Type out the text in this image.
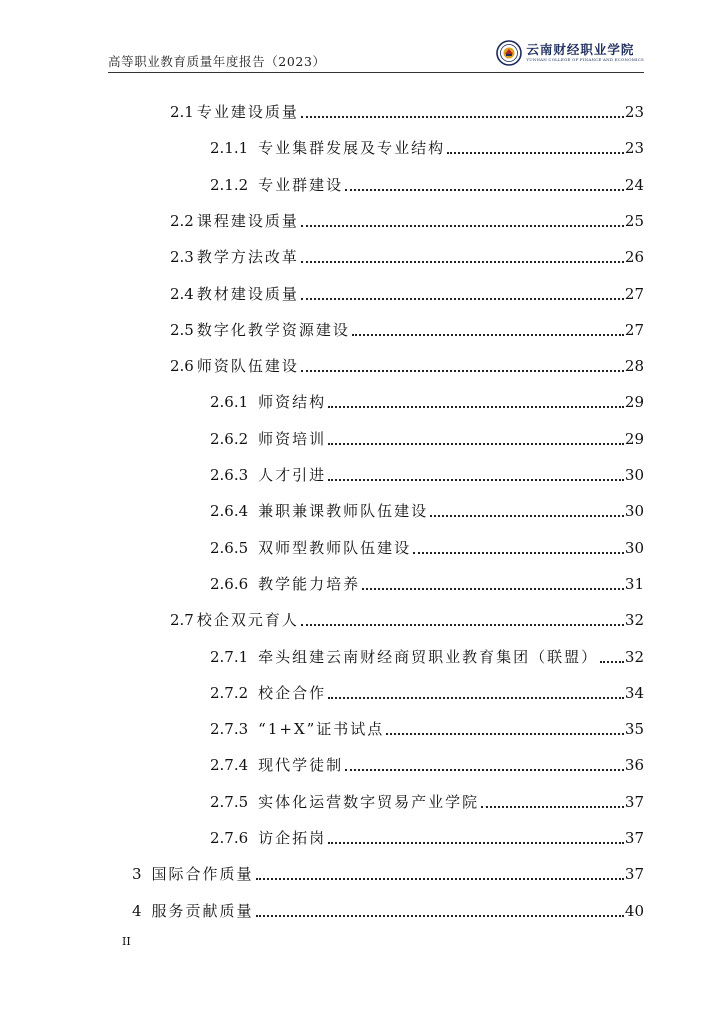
高等职业教育质量年度报告（2023）
云南财经职业学院
YUNNAN COLLEGE OF FINANCE AND ECONOMICS
2.1 专业建设质量	23
2.1.1 专业集群发展及专业结构	23
2.1.2 专业群建设	24
2.2 课程建设质量	25
2.3 教学方法改革	26
2.4 教材建设质量	27
2.5 数字化教学资源建设	27
2.6 师资队伍建设	28
2.6.1 师资结构	29
2.6.2 师资培训	29
2.6.3 人才引进	30
2.6.4 兼职兼课教师队伍建设	30
2.6.5 双师型教师队伍建设	30
2.6.6 教学能力培养	31
2.7 校企双元育人	32
2.7.1 牵头组建云南财经商贸职业教育集团（联盟） 32
2.7.2 校企合作	34
2.7.3 “1+X”证书试点	35
2.7.4 现代学徒制	36
2.7.5 实体化运营数字贸易产业学院	37
2.7.6 访企拓岗	37
3 国际合作质量	37
4 服务贡献质量	40
II
